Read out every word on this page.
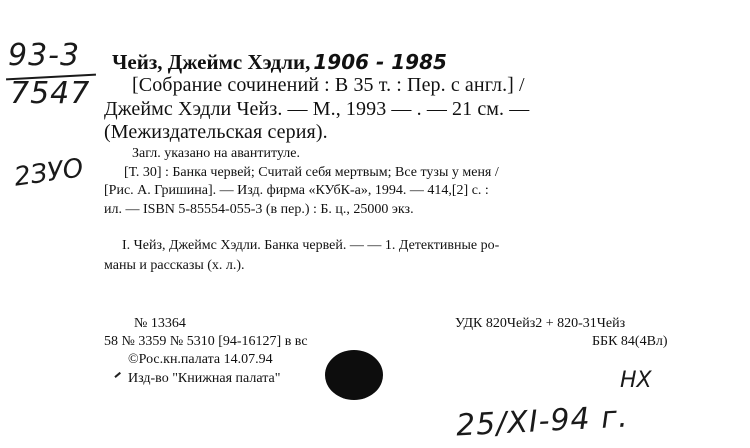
93-3
7547
2ЗУО
Чейз, Джеймс Хэдли, 1906 - 1985
[Собрание сочинений : В 35 т. : Пер. с англ.] /
Джеймс Хэдли Чейз. — М., 1993 — . — 21 см. —
(Межиздательская серия).
Загл. указано на авантитуле.
[Т. 30] : Банка червей; Считай себя мертвым; Все тузы у меня /
[Рис. А. Гришина]. — Изд. фирма «КУбК-а», 1994. — 414,[2] с. :
ил. — ISBN 5-85554-055-3 (в пер.) : Б. ц., 25000 экз.
I. Чейз, Джеймс Хэдли. Банка червей. — — 1. Детективные ро-
маны и рассказы (х. л.).
№ 13364
58 № 3359 № 5310 [94-16127] в вс
©Рос.кн.палата 14.07.94
Изд-во "Книжная палата"
УДК 820Чейз2 + 820-31Чейз
ББК 84(4Вл)
НХ
25/XI-94 г.
